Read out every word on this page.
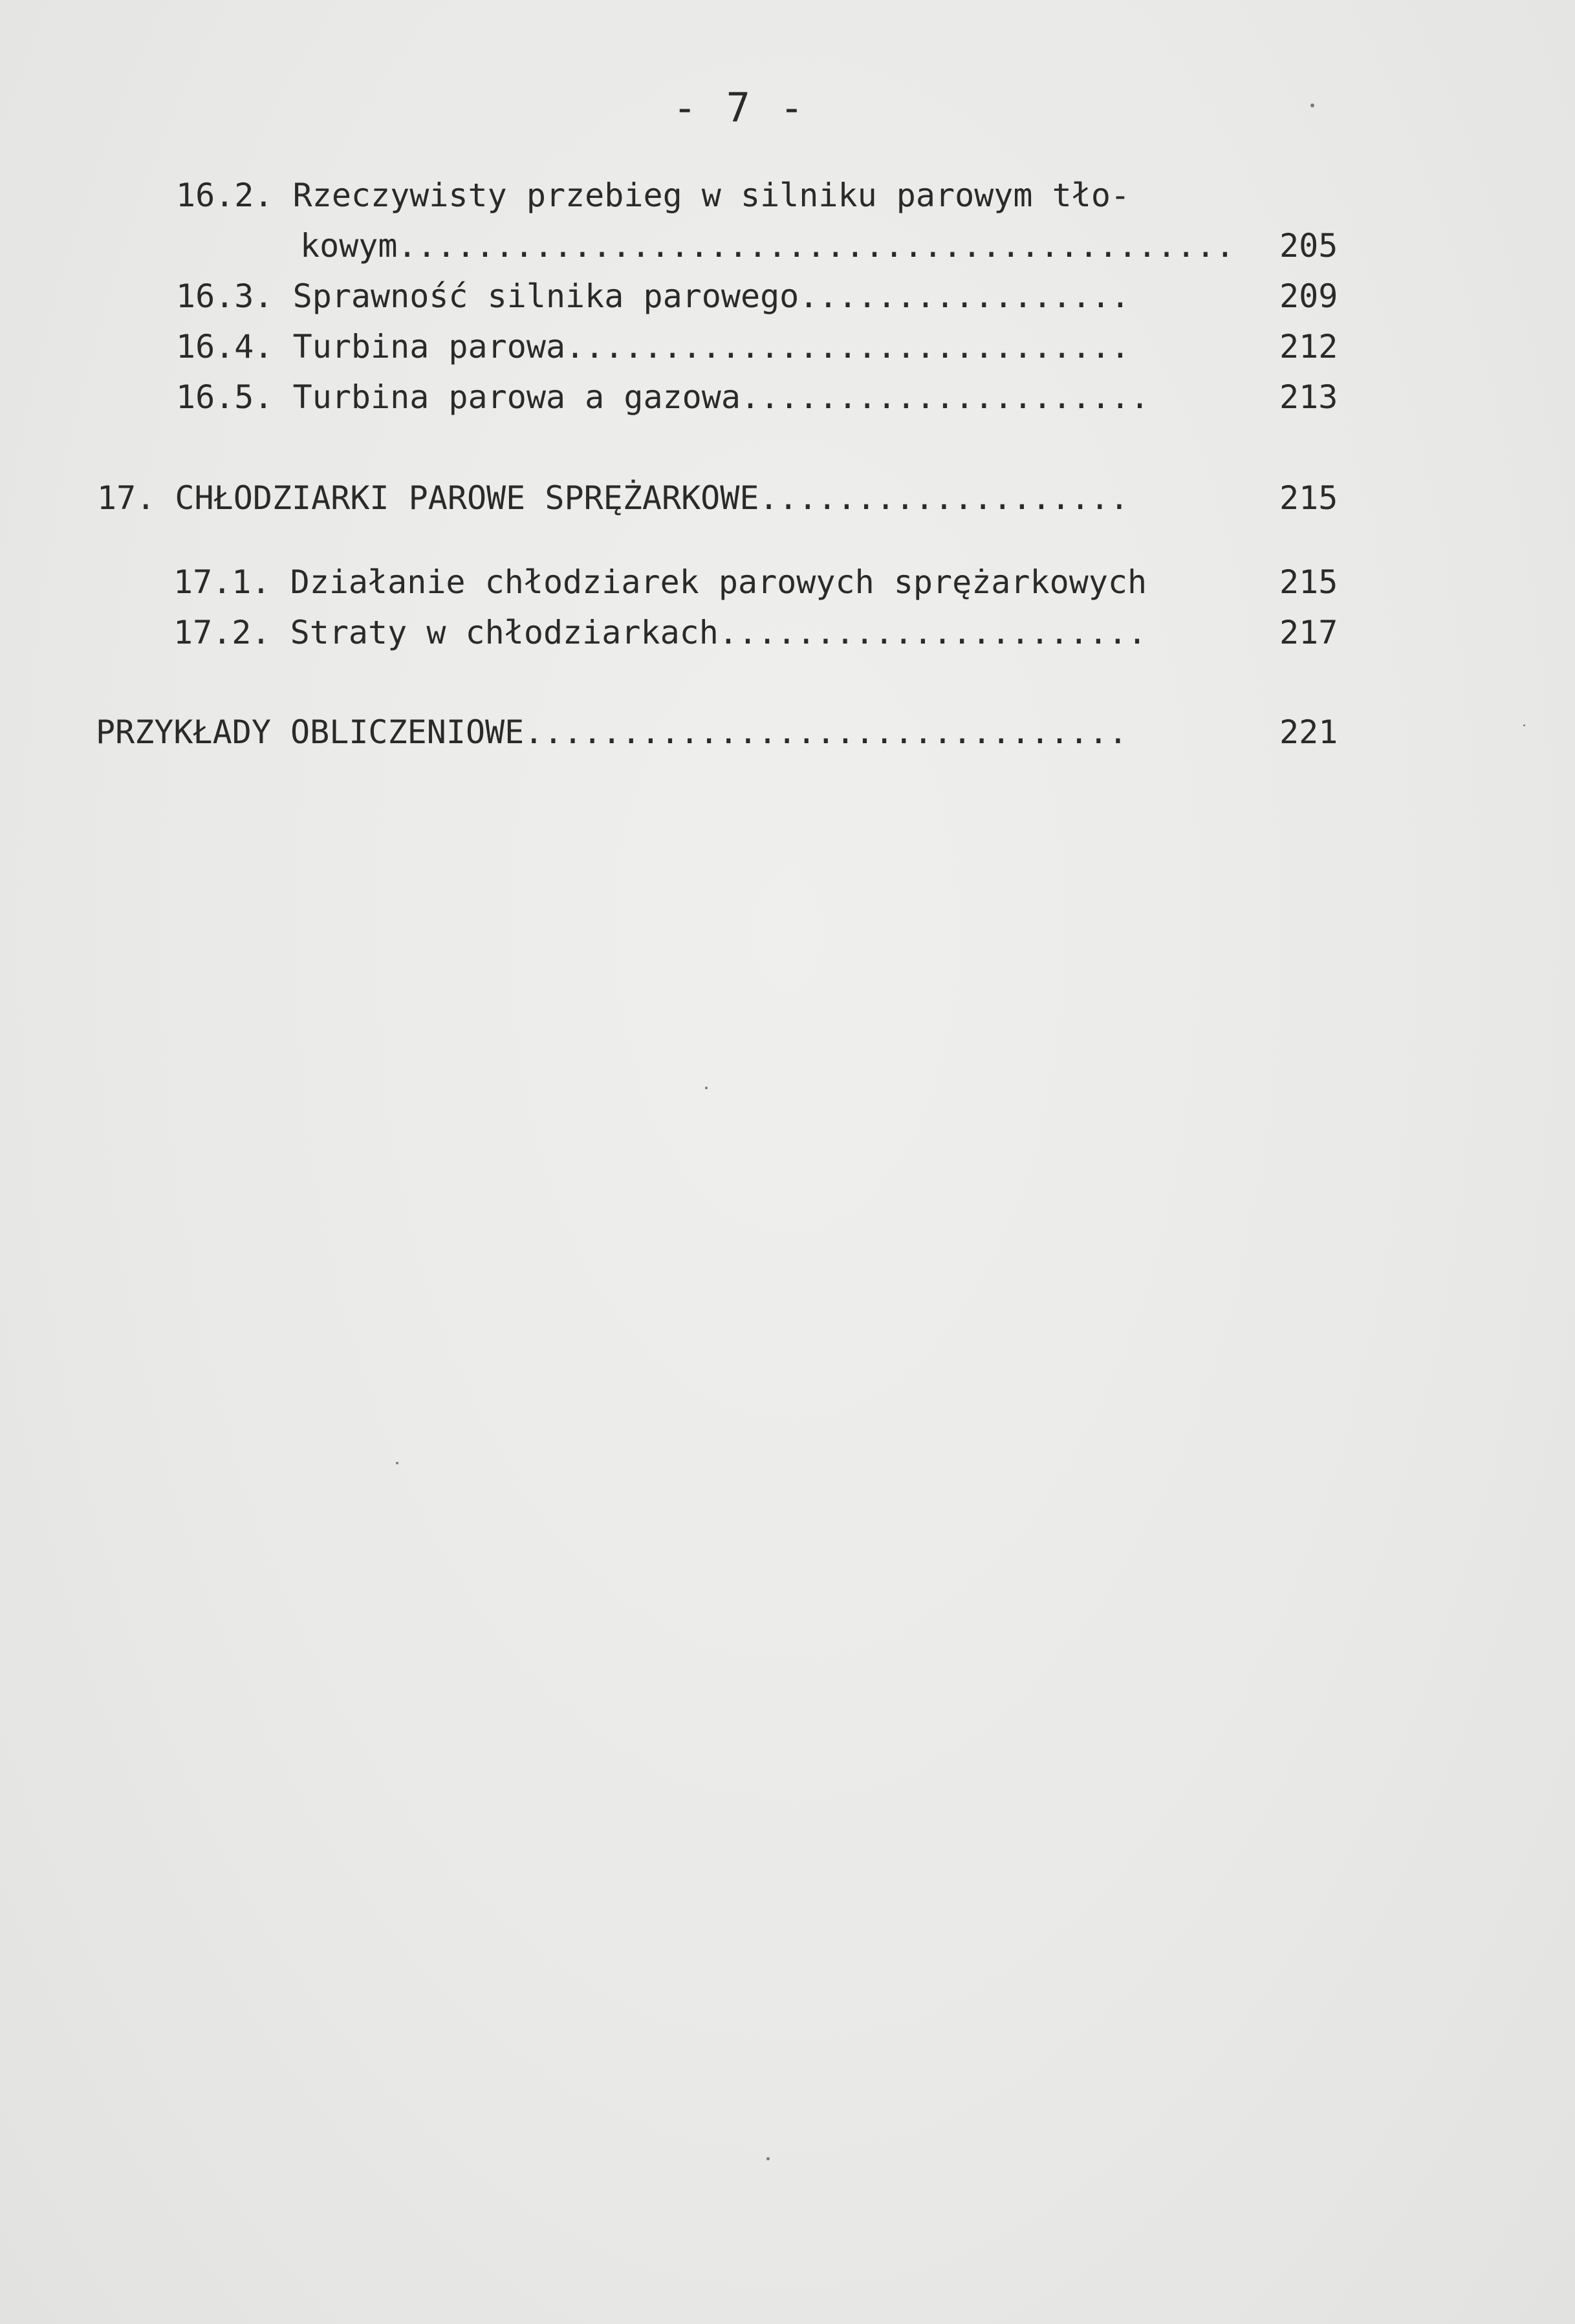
- 7 -
16.2. Rzeczywisty przebieg w silniku parowym tło-
kowym........................................... 205
16.3. Sprawność silnika parowego.................	209
16.4. Turbina parowa.............................	212
16.5. Turbina parowa a gazowa.....................	213
17. CHŁODZIARKI PAROWE SPRĘŻARKOWE...................	215
17.1. Działanie chłodziarek parowych sprężarkowych	215
17.2. Straty w chłodziarkach......................	217
PRZYKŁADY OBLICZENIOWE...............................	221
